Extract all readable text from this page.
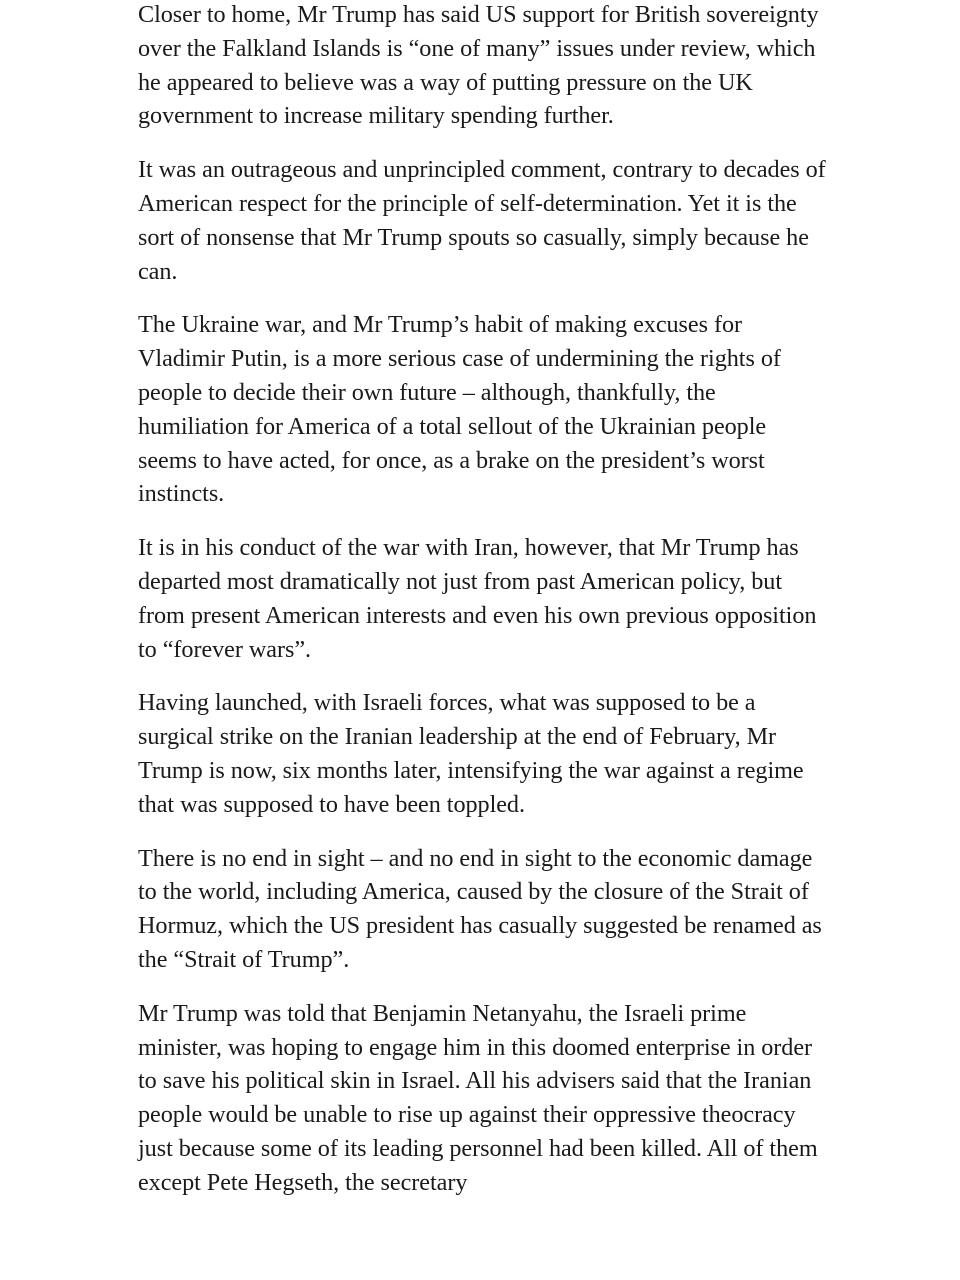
Closer to home, Mr Trump has said US support for British sovereignty over the Falkland Islands is “one of many” issues under review, which he appeared to believe was a way of putting pressure on the UK government to increase military spending further.

It was an outrageous and unprincipled comment, contrary to decades of American respect for the principle of self-determination. Yet it is the sort of nonsense that Mr Trump spouts so casually, simply because he can.

The Ukraine war, and Mr Trump’s habit of making excuses for Vladimir Putin, is a more serious case of undermining the rights of people to decide their own future – although, thankfully, the humiliation for America of a total sellout of the Ukrainian people seems to have acted, for once, as a brake on the president’s worst instincts.

It is in his conduct of the war with Iran, however, that Mr Trump has departed most dramatically not just from past American policy, but from present American interests and even his own previous opposition to “forever wars”.

Having launched, with Israeli forces, what was supposed to be a surgical strike on the Iranian leadership at the end of February, Mr Trump is now, six months later, intensifying the war against a regime that was supposed to have been toppled.

There is no end in sight – and no end in sight to the economic damage to the world, including America, caused by the closure of the Strait of Hormuz, which the US president has casually suggested be renamed as the “Strait of Trump”.

Mr Trump was told that Benjamin Netanyahu, the Israeli prime minister, was hoping to engage him in this doomed enterprise in order to save his political skin in Israel. All his advisers said that the Iranian people would be unable to rise up against their oppressive theocracy just because some of its leading personnel had been killed. All of them except Pete Hegseth, the secretary
